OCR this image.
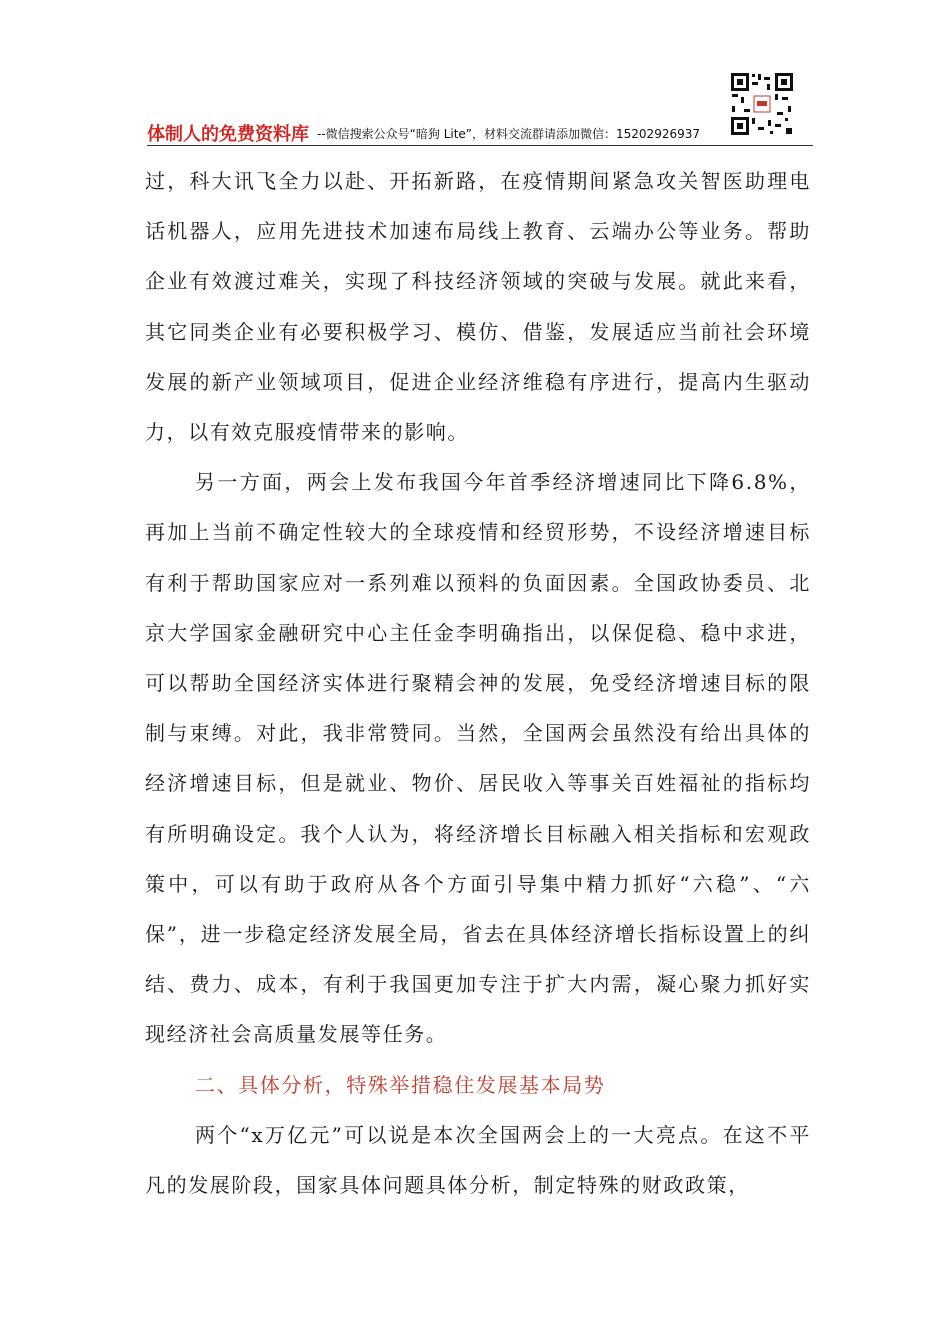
体制人的免费资料库 --微信搜索公众号“暗狗 Lite”，材料交流群请添加微信：15202926937

过，科大讯飞全力以赴、开拓新路，在疫情期间紧急攻关智医助理电话机器人，应用先进技术加速布局线上教育、云端办公等业务。帮助企业有效渡过难关，实现了科技经济领域的突破与发展。就此来看，其它同类企业有必要积极学习、模仿、借鉴，发展适应当前社会环境发展的新产业领域项目，促进企业经济维稳有序进行，提高内生驱动力，以有效克服疫情带来的影响。

另一方面，两会上发布我国今年首季经济增速同比下降6.8%，再加上当前不确定性较大的全球疫情和经贸形势，不设经济增速目标有利于帮助国家应对一系列难以预料的负面因素。全国政协委员、北京大学国家金融研究中心主任金李明确指出，以保促稳、稳中求进，可以帮助全国经济实体进行聚精会神的发展，免受经济增速目标的限制与束缚。对此，我非常赞同。当然，全国两会虽然没有给出具体的经济增速目标，但是就业、物价、居民收入等事关百姓福祉的指标均有所明确设定。我个人认为，将经济增长目标融入相关指标和宏观政策中，可以有助于政府从各个方面引导集中精力抓好“六稳”、“六保”，进一步稳定经济发展全局，省去在具体经济增长指标设置上的纠结、费力、成本，有利于我国更加专注于扩大内需，凝心聚力抓好实现经济社会高质量发展等任务。

二、具体分析，特殊举措稳住发展基本局势

两个“x万亿元”可以说是本次全国两会上的一大亮点。在这不平凡的发展阶段，国家具体问题具体分析，制定特殊的财政政策，
